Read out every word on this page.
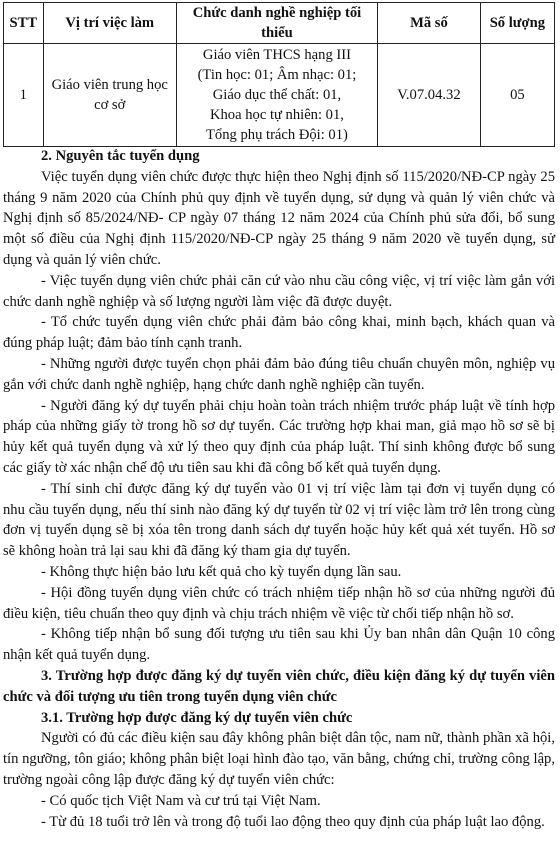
STT	Vị trí việc làm	Chức danh nghề nghiệp tối thiểu	Mã số	Số lượng
1	Giáo viên trung học cơ sở	Giáo viên THCS hạng III
(Tin học: 01; Âm nhạc: 01;
Giáo dục thể chất: 01,
Khoa học tự nhiên: 01,
Tổng phụ trách Đội: 01)	V.07.04.32	05

2. Nguyên tắc tuyển dụng

Việc tuyển dụng viên chức được thực hiện theo Nghị định số 115/2020/NĐ-CP ngày 25 tháng 9 năm 2020 của Chính phủ quy định về tuyển dụng, sử dụng và quản lý viên chức và Nghị định số 85/2024/NĐ- CP ngày 07 tháng 12 năm 2024 của Chính phủ sửa đổi, bổ sung một số điều của Nghị định 115/2020/NĐ-CP ngày 25 tháng 9 năm 2020 về tuyển dụng, sử dụng và quản lý viên chức.

- Việc tuyển dụng viên chức phải căn cứ vào nhu cầu công việc, vị trí việc làm gắn với chức danh nghề nghiệp và số lượng người làm việc đã được duyệt.

- Tổ chức tuyển dụng viên chức phải đảm bảo công khai, minh bạch, khách quan và đúng pháp luật; đảm bảo tính cạnh tranh.

- Những người được tuyển chọn phải đảm bảo đúng tiêu chuẩn chuyên môn, nghiệp vụ gắn với chức danh nghề nghiệp, hạng chức danh nghề nghiệp cần tuyển.

- Người đăng ký dự tuyển phải chịu hoàn toàn trách nhiệm trước pháp luật về tính hợp pháp của những giấy tờ trong hồ sơ dự tuyển. Các trường hợp khai man, giả mạo hồ sơ sẽ bị hủy kết quả tuyển dụng và xử lý theo quy định của pháp luật. Thí sinh không được bổ sung các giấy tờ xác nhận chế độ ưu tiên sau khi đã công bố kết quả tuyển dụng.

- Thí sinh chỉ được đăng ký dự tuyển vào 01 vị trí việc làm tại đơn vị tuyển dụng có nhu cầu tuyển dụng, nếu thí sinh nào đăng ký dự tuyển từ 02 vị trí việc làm trở lên trong cùng đơn vị tuyển dụng sẽ bị xóa tên trong danh sách dự tuyển hoặc hủy kết quả xét tuyển. Hồ sơ sẽ không hoàn trả lại sau khi đã đăng ký tham gia dự tuyển.

- Không thực hiện bảo lưu kết quả cho kỳ tuyển dụng lần sau.

- Hội đồng tuyển dụng viên chức có trách nhiệm tiếp nhận hồ sơ của những người đủ điều kiện, tiêu chuẩn theo quy định và chịu trách nhiệm về việc từ chối tiếp nhận hồ sơ.

- Không tiếp nhận bổ sung đối tượng ưu tiên sau khi Ủy ban nhân dân Quận 10 công nhận kết quả tuyển dụng.

3. Trường hợp được đăng ký dự tuyển viên chức, điều kiện đăng ký dự tuyển viên chức và đối tượng ưu tiên trong tuyển dụng viên chức

3.1. Trường hợp được đăng ký dự tuyển viên chức

Người có đủ các điều kiện sau đây không phân biệt dân tộc, nam nữ, thành phần xã hội, tín ngưỡng, tôn giáo; không phân biệt loại hình đào tạo, văn bằng, chứng chỉ, trường công lập, trường ngoài công lập được đăng ký dự tuyển viên chức:

- Có quốc tịch Việt Nam và cư trú tại Việt Nam.

- Từ đủ 18 tuổi trở lên và trong độ tuổi lao động theo quy định của pháp luật lao động.
